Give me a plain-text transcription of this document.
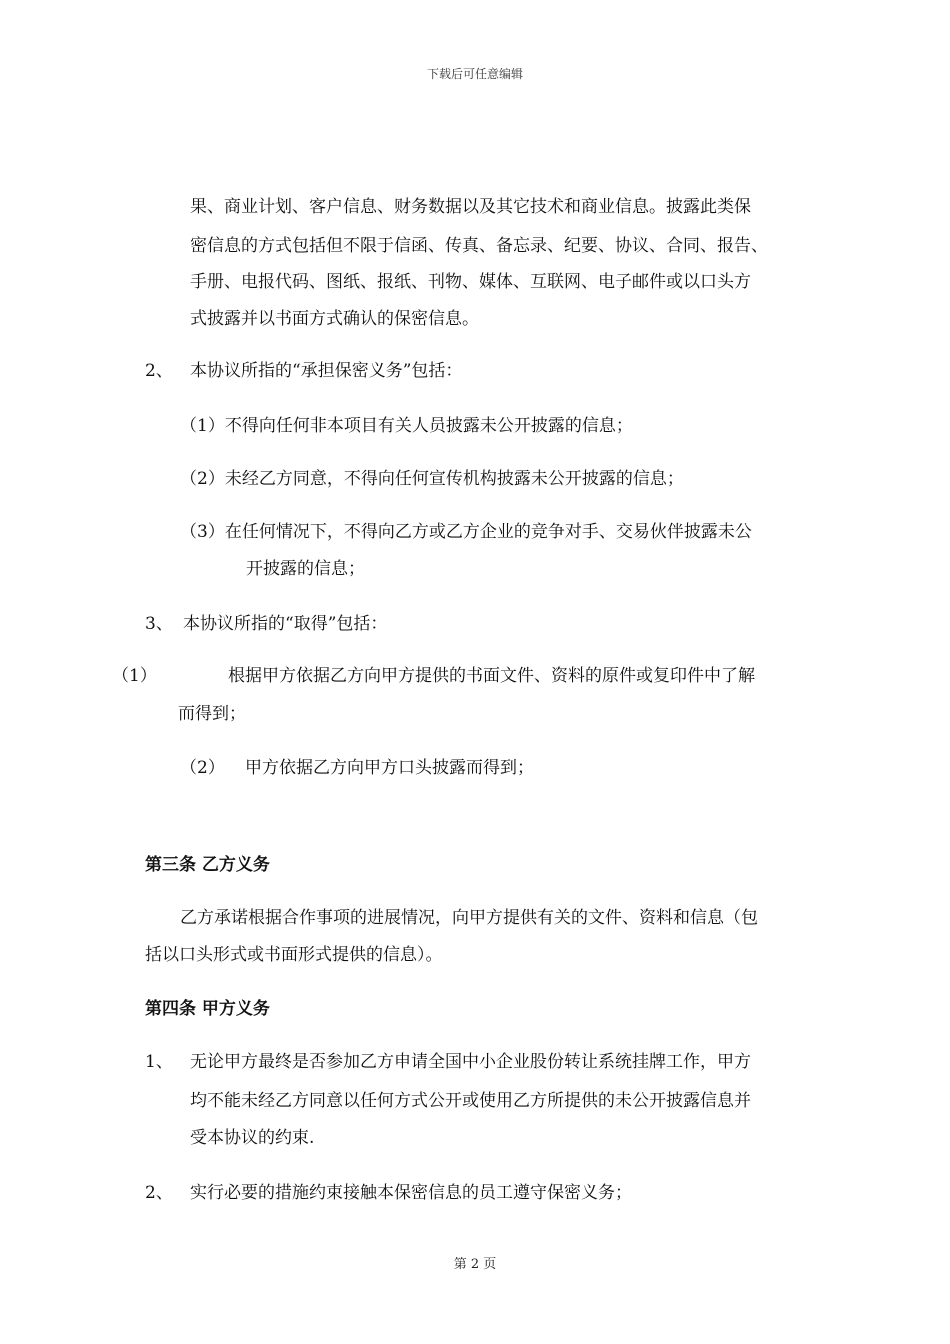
下载后可任意编辑
果、商业计划、客户信息、财务数据以及其它技术和商业信息。披露此类保
密信息的方式包括但不限于信函、传真、备忘录、纪要、协议、合同、报告、
手册、电报代码、图纸、报纸、刊物、媒体、互联网、电子邮件或以口头方
式披露并以书面方式确认的保密信息。
2、 本协议所指的“承担保密义务”包括：
（1）不得向任何非本项目有关人员披露未公开披露的信息；
（2）未经乙方同意，不得向任何宣传机构披露未公开披露的信息；
（3）在任何情况下，不得向乙方或乙方企业的竞争对手、交易伙伴披露未公
开披露的信息；
3、 本协议所指的“取得”包括：
（1）	根据甲方依据乙方向甲方提供的书面文件、资料的原件或复印件中了解
而得到；
（2） 甲方依据乙方向甲方口头披露而得到；
第三条 乙方义务
乙方承诺根据合作事项的进展情况，向甲方提供有关的文件、资料和信息（包
括以口头形式或书面形式提供的信息）。
第四条 甲方义务
1、 无论甲方最终是否参加乙方申请全国中小企业股份转让系统挂牌工作，甲方
均不能未经乙方同意以任何方式公开或使用乙方所提供的未公开披露信息并
受本协议的约束.
2、 实行必要的措施约束接触本保密信息的员工遵守保密义务；
第 2 页
